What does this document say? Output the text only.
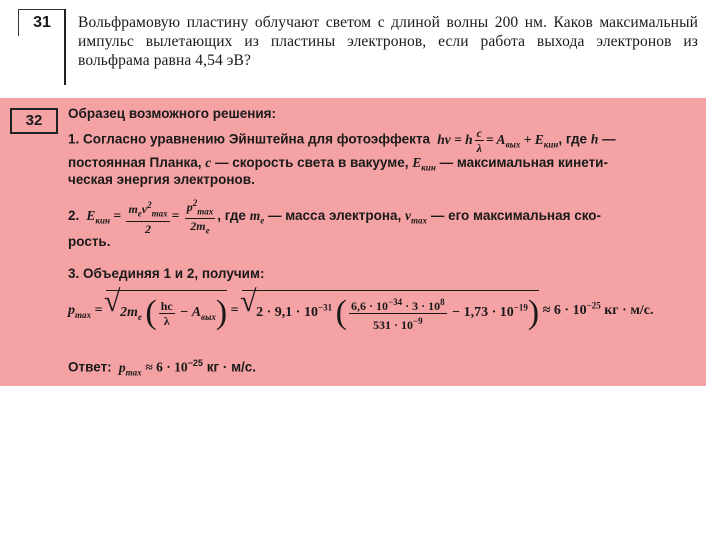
31	Вольфрамовую пластину облучают светом с длиной волны 200 нм. Каков максимальный импульс вылетающих из пластины электронов, если работа выхода электронов из вольфрама равна 4,54 эВ?
32	Образец возможного решения:
1. Согласно уравнению Эйнштейна для фотоэффекта  hν = h $\frac{c}{\lambda} = A_{вых} + E_{кин}$, где h —
постоянная Планка, c — скорость света в вакууме, $E_{кин}$ — максимальная кинети-
ческая энергия электронов.
2.  $E_{кин} = \frac{m_ev^2_{max}}{2} = \frac{p^2_{max}}{2m_e}$ , где $m_e$ — масса электрона, $v_{max}$ — его максимальная ско-
рость.
3. Объединяя 1 и 2, получим:
$p_{max}$ = √ $2m_e$ ( $\frac{hc}{\lambda} - A_{вых}$) = √ $2 \cdot 9,1 \cdot 10^{-31}$ ( $\frac{6,6 \cdot 10^{-34} \cdot 3 \cdot 10^8}{531 \cdot 10^{-9}} - 1,73 \cdot 10^{-19}) \approx 6 \cdot 10^{-25}$ кг · м/с.
Ответ:  $p_{max} \approx 6 \cdot 10^{-25}$ кг · м/с.
